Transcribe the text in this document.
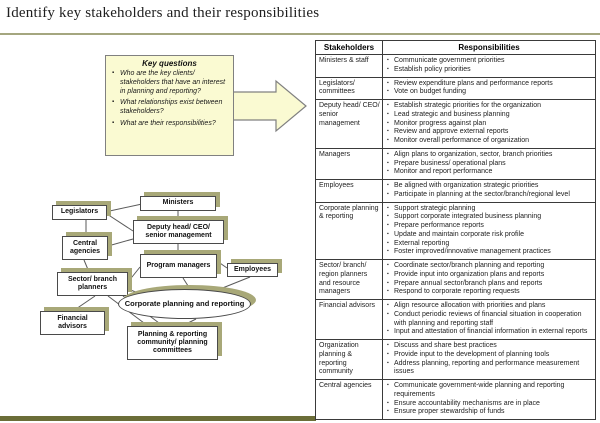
Identify key stakeholders and their responsibilities
Key questions
▪ Who are the key clients/ stakeholders that have an interest in planning and reporting?
▪ What relationships exist between stakeholders?
▪ What are their responsibilities?
Legislators
Ministers
Deputy head/ CEO/ senior management
Central agencies
Program managers
Employees
Sector/ branch planners
Corporate planning and reporting
Financial advisors
Planning & reporting community/ planning committees
Stakeholders	Responsibilities
Ministers & staff	
▪Communicate government priorities
▪ Establish policy priorities

Legislators/ committees	
▪ Review expenditure plans and performance reports
▪ Vote on budget funding

Deputy head/ CEO/ senior management	
▪ Establish strategic priorities for the organization
▪ Lead strategic and business planning
▪ Monitor progress against plan
▪ Review and approve external reports
▪ Monitor overall performance of organization

Managers	
▪Align plans to organization, sector, branch priorities
▪ Prepare business/ operational plans
▪ Monitor and report performance

Employees	
▪Be aligned with organization strategic priorities
▪ Participate in planning at the sector/branch/regional level

Corporate planning & reporting	
▪ Support strategic planning
▪ Support corporate integrated business planning
▪ Prepare performance reports
▪ Update and maintain corporate risk profile
▪ External reporting
▪ Foster improved/innovative management practices

Sector/ branch/ region planners and resource managers	
▪ Coordinate sector/branch planning and reporting
▪ Provide input into organization plans and reports
▪ Prepare annual sector/branch plans and reports
▪ Respond to corporate reporting requests

Financial advisors	
▪Align resource allocation with priorities and plans
▪ Conduct periodic reviews of financial situation in cooperation with planning and reporting staff
▪ Input and attestation of financial information in external reports

Organization planning & reporting community	
▪ Discuss and share best practices
▪ Provide input to the development of planning tools
▪ Address planning, reporting and performance measurement issues

Central agencies	
▪Communicate government-wide planning and reporting requirements
▪ Ensure accountability mechanisms are in place
▪ Ensure proper stewardship of funds
